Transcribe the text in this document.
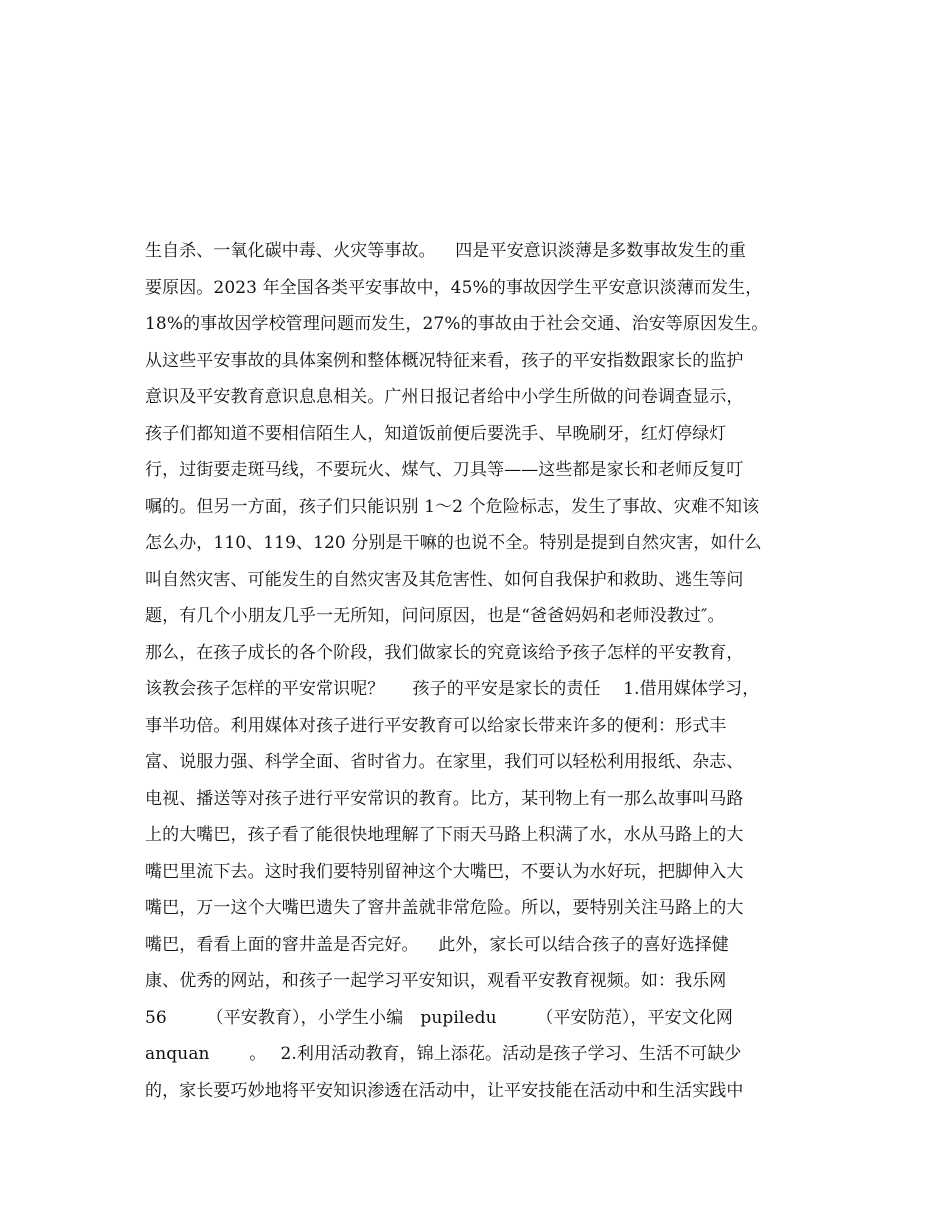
生自杀、一氧化碳中毒、火灾等事故。　  四是平安意识淡薄是多数事故发生的重
要原因。2023 年全国各类平安事故中，45%的事故因学生平安意识淡薄而发生，
18%的事故因学校管理问题而发生，27%的事故由于社会交通、治安等原因发生。
从这些平安事故的具体案例和整体概况特征来看，孩子的平安指数跟家长的监护
意识及平安教育意识息息相关。广州日报记者给中小学生所做的问卷调查显示，
孩子们都知道不要相信陌生人，知道饭前便后要洗手、早晚刷牙，红灯停绿灯
行，过街要走斑马线，不要玩火、煤气、刀具等——这些都是家长和老师反复叮
嘱的。但另一方面，孩子们只能识别 1～2 个危险标志，发生了事故、灾难不知该
怎么办，110、119、120 分别是干嘛的也说不全。特别是提到自然灾害，如什么
叫自然灾害、可能发生的自然灾害及其危害性、如何自我保护和救助、逃生等问
题，有几个小朋友几乎一无所知，问问原因，也是“爸爸妈妈和老师没教过″。
那么，在孩子成长的各个阶段，我们做家长的究竟该给予孩子怎样的平安教育，
该教会孩子怎样的平安常识呢？　  孩子的平安是家长的责任　 1.借用媒体学习，
事半功倍。利用媒体对孩子进行平安教育可以给家长带来许多的便利：形式丰
富、说服力强、科学全面、省时省力。在家里，我们可以轻松利用报纸、杂志、
电视、播送等对孩子进行平安常识的教育。比方，某刊物上有一那么故事叫马路
上的大嘴巴，孩子看了能很快地理解了下雨天马路上积满了水，水从马路上的大
嘴巴里流下去。这时我们要特别留神这个大嘴巴，不要认为水好玩，把脚伸入大
嘴巴，万一这个大嘴巴遗失了窨井盖就非常危险。所以，要特别关注马路上的大
嘴巴，看看上面的窨井盖是否完好。　  此外，家长可以结合孩子的喜好选择健
康、优秀的网站，和孩子一起学习平安知识，观看平安教育视频。如：我乐网
56　　 （平安教育），小学生小编　pupiledu　　 （平安防范），平安文化网
anquan　　 。　 2.利用活动教育，锦上添花。活动是孩子学习、生活不可缺少
的，家长要巧妙地将平安知识渗透在活动中，让平安技能在活动中和生活实践中
